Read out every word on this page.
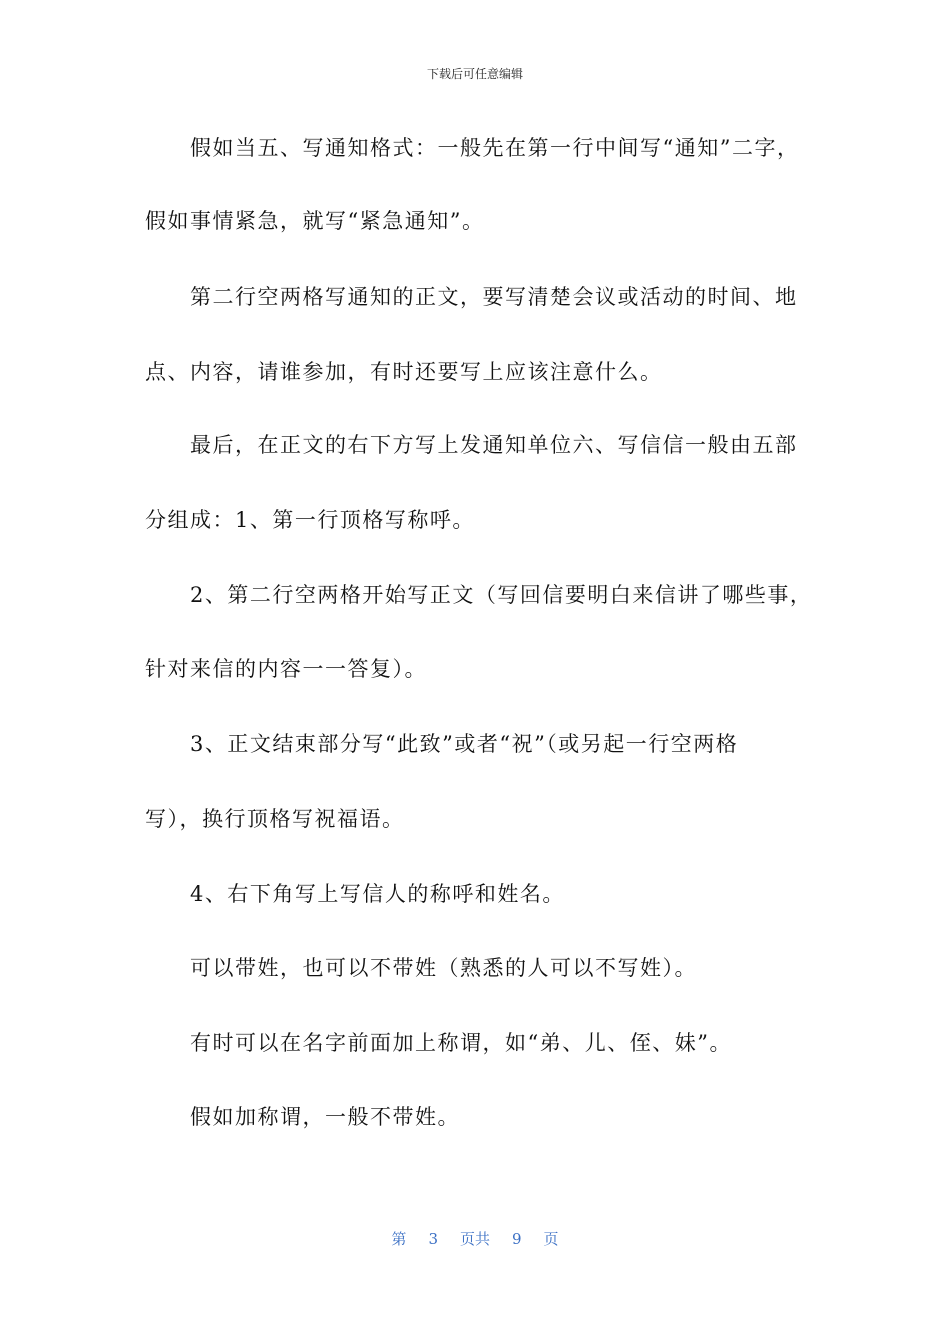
下载后可任意编辑
假如当五、写通知格式：一般先在第一行中间写“通知”二字，
假如事情紧急，就写“紧急通知”。
第二行空两格写通知的正文，要写清楚会议或活动的时间、地
点、内容，请谁参加，有时还要写上应该注意什么。
最后，在正文的右下方写上发通知单位六、写信信一般由五部
分组成：1、第一行顶格写称呼。
2、第二行空两格开始写正文（写回信要明白来信讲了哪些事，
针对来信的内容一一答复）。
3、正文结束部分写“此致”或者“祝”（或另起一行空两格
写），换行顶格写祝福语。
4、右下角写上写信人的称呼和姓名。
可以带姓，也可以不带姓（熟悉的人可以不写姓）。
有时可以在名字前面加上称谓，如“弟、儿、侄、妹”。
假如加称谓，一般不带姓。
第 3 页共 9 页
